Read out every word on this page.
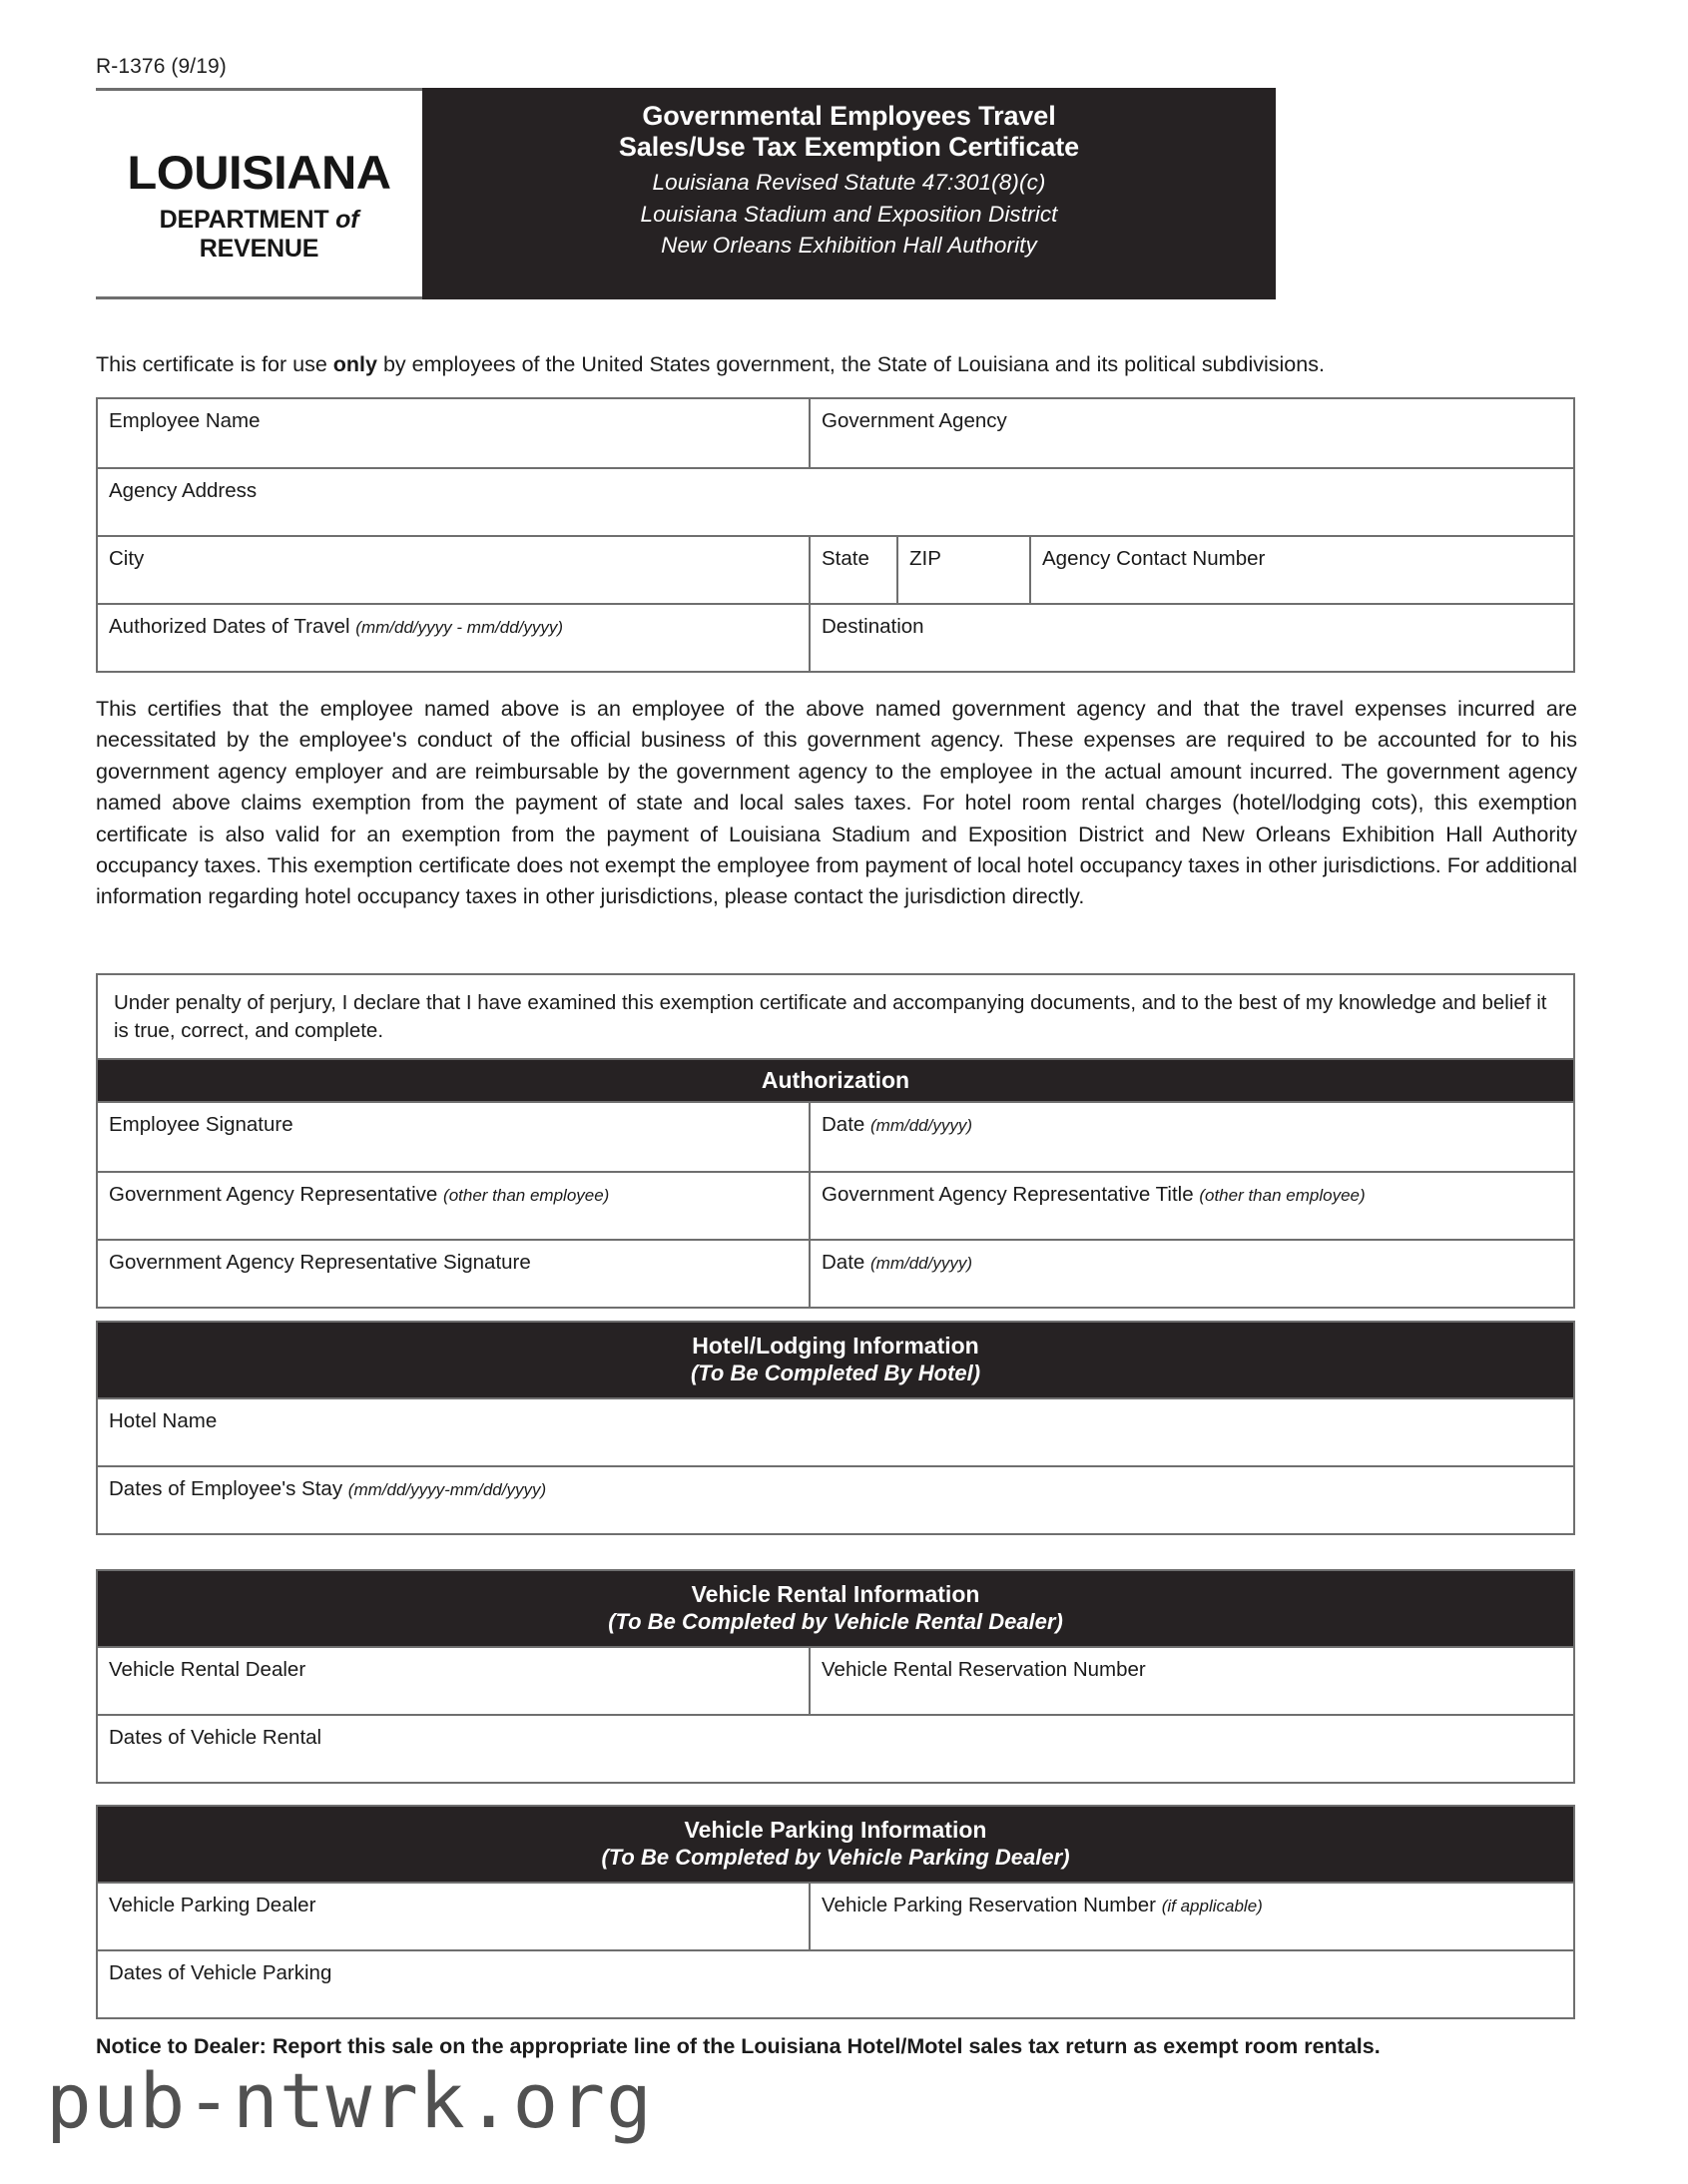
R-1376 (9/19)
LOUISIANA
DEPARTMENT of REVENUE
Governmental Employees Travel
Sales/Use Tax Exemption Certificate
Louisiana Revised Statute 47:301(8)(c)
Louisiana Stadium and Exposition District
New Orleans Exhibition Hall Authority
This certificate is for use only by employees of the United States government, the State of Louisiana and its political subdivisions.
Employee Name	Government Agency
Agency Address
City	State	ZIP	Agency Contact Number
Authorized Dates of Travel (mm/dd/yyyy - mm/dd/yyyy)	Destination
This certifies that the employee named above is an employee of the above named government agency and that the travel expenses incurred are necessitated by the employee's conduct of the official business of this government agency. These expenses are required to be accounted for to his government agency employer and are reimbursable by the government agency to the employee in the actual amount incurred. The government agency named above claims exemption from the payment of state and local sales taxes. For hotel room rental charges (hotel/lodging cots), this exemption certificate is also valid for an exemption from the payment of Louisiana Stadium and Exposition District and New Orleans Exhibition Hall Authority occupancy taxes. This exemption certificate does not exempt the employee from payment of local hotel occupancy taxes in other jurisdictions. For additional information regarding hotel occupancy taxes in other jurisdictions, please contact the jurisdiction directly.
Under penalty of perjury, I declare that I have examined this exemption certificate and accompanying documents, and to the best of my knowledge and belief it is true, correct, and complete.
Authorization
Employee Signature	Date (mm/dd/yyyy)
Government Agency Representative (other than employee)	Government Agency Representative Title (other than employee)
Government Agency Representative Signature	Date (mm/dd/yyyy)
Hotel/Lodging Information
(To Be Completed By Hotel)
Hotel Name
Dates of Employee's Stay (mm/dd/yyyy-mm/dd/yyyy)
Vehicle Rental Information
(To Be Completed by Vehicle Rental Dealer)
Vehicle Rental Dealer	Vehicle Rental Reservation Number
Dates of Vehicle Rental
Vehicle Parking Information
(To Be Completed by Vehicle Parking Dealer)
Vehicle Parking Dealer	Vehicle Parking Reservation Number (if applicable)
Dates of Vehicle Parking
Notice to Dealer: Report this sale on the appropriate line of the Louisiana Hotel/Motel sales tax return as exempt room rentals.
pub-ntwrk.org
